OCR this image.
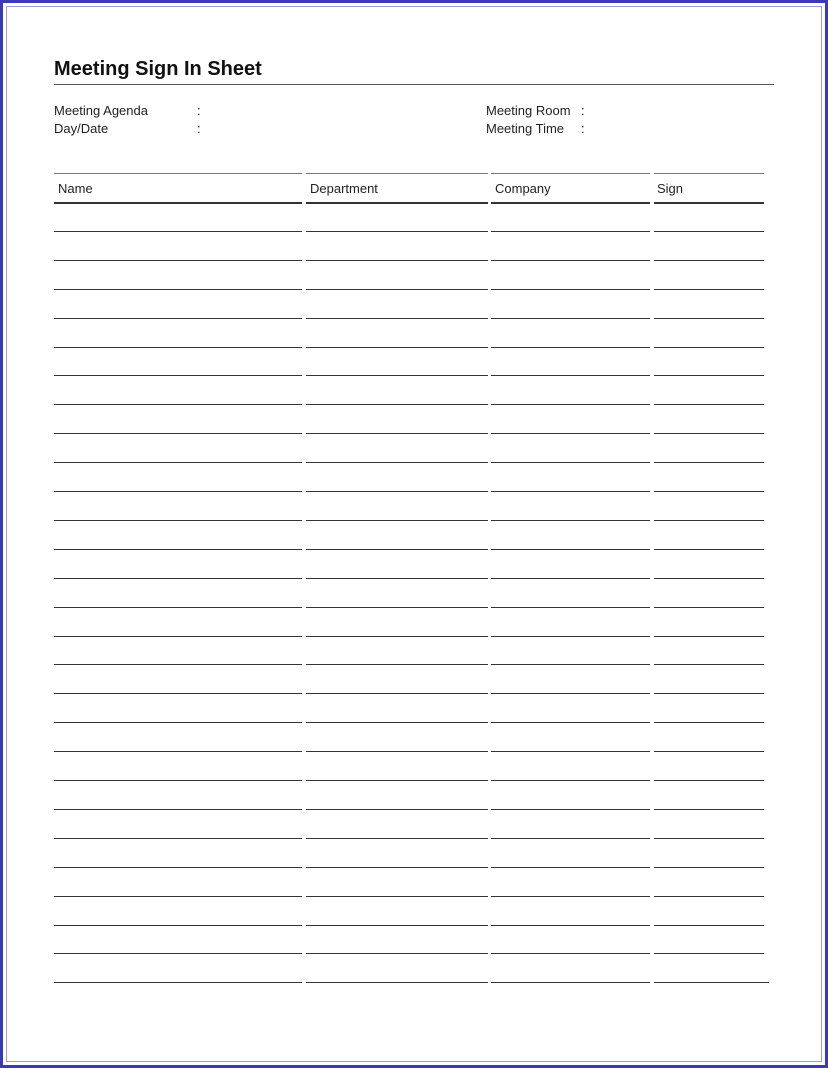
Meeting Sign In Sheet
Meeting Agenda	:
Day/Date	:
Meeting Room :
Meeting Time :
Name	Department	Company	Sign
